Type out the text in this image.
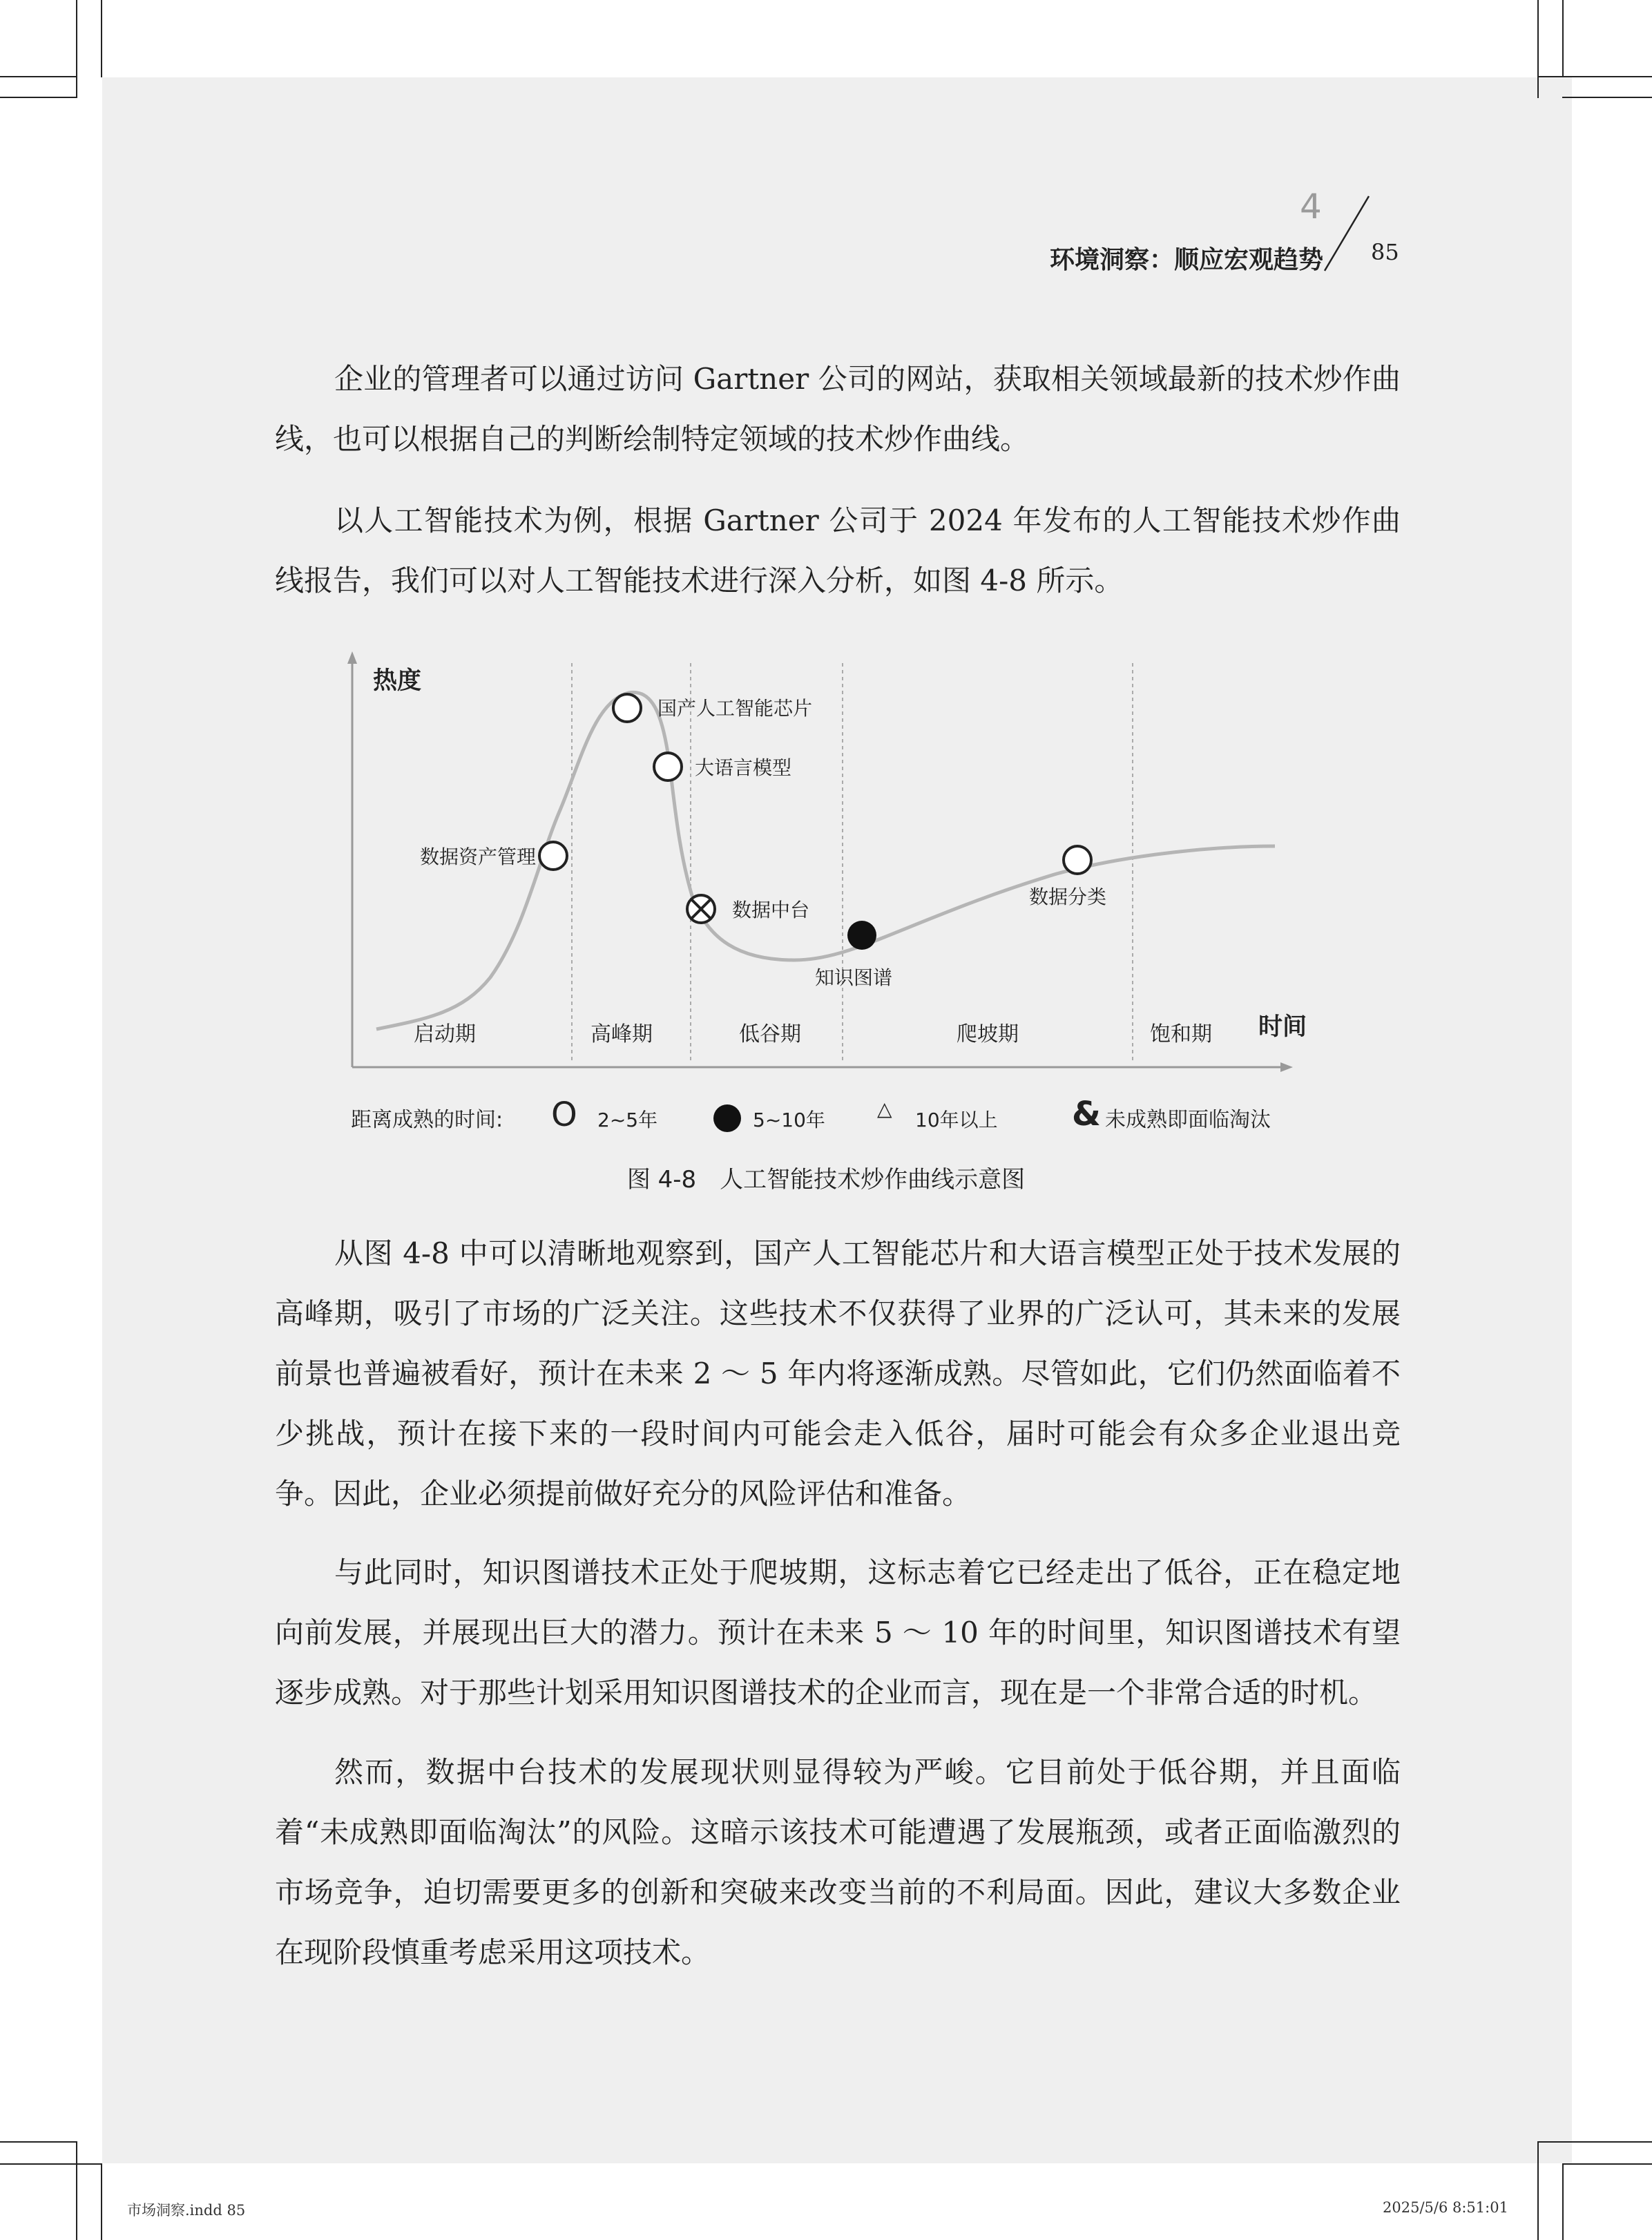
4
环境洞察：顺应宏观趋势 85

企业的管理者可以通过访问 Gartner 公司的网站，获取相关领域最新的技术炒作曲线，也可以根据自己的判断绘制特定领域的技术炒作曲线。

以人工智能技术为例，根据 Gartner 公司于 2024 年发布的人工智能技术炒作曲线报告，我们可以对人工智能技术进行深入分析，如图 4-8 所示。

热度
时间
启动期	高峰期	低谷期	爬坡期	饱和期
数据资产管理
国产人工智能芯片
大语言模型
数据中台
知识图谱
数据分类
距离成熟的时间: O 2~5年	5~10年	△ 10年以上 & 未成熟即面临淘汰
图 4-8　人工智能技术炒作曲线示意图

从图 4-8 中可以清晰地观察到，国产人工智能芯片和大语言模型正处于技术发展的高峰期，吸引了市场的广泛关注。这些技术不仅获得了业界的广泛认可，其未来的发展前景也普遍被看好，预计在未来 2 ～ 5 年内将逐渐成熟。尽管如此，它们仍然面临着不少挑战，预计在接下来的一段时间内可能会走入低谷，届时可能会有众多企业退出竞争。因此，企业必须提前做好充分的风险评估和准备。

与此同时，知识图谱技术正处于爬坡期，这标志着它已经走出了低谷，正在稳定地向前发展，并展现出巨大的潜力。预计在未来 5 ～ 10 年的时间里，知识图谱技术有望逐步成熟。对于那些计划采用知识图谱技术的企业而言，现在是一个非常合适的时机。

然而，数据中台技术的发展现状则显得较为严峻。它目前处于低谷期，并且面临着“未成熟即面临淘汰”的风险。这暗示该技术可能遭遇了发展瓶颈，或者正面临激烈的市场竞争，迫切需要更多的创新和突破来改变当前的不利局面。因此，建议大多数企业在现阶段慎重考虑采用这项技术。

市场洞察.indd 85	2025/5/6 8:51:01
